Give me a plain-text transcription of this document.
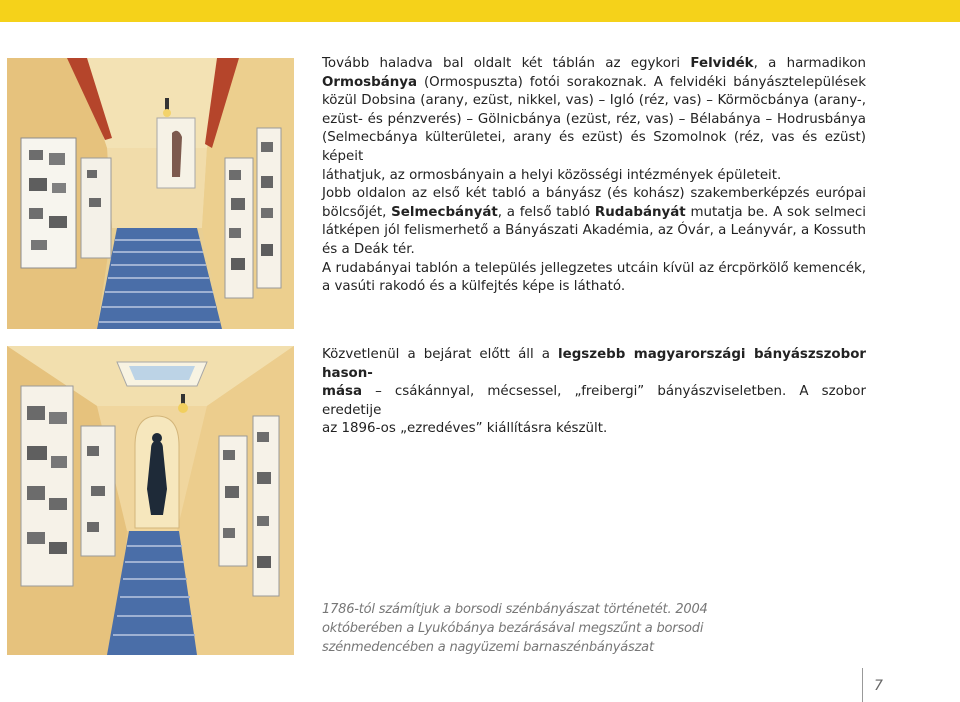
Tovább haladva bal oldalt két táblán az egykori Felvidék, a harmadikon
Ormosbánya (Ormospuszta) fotói sorakoznak. A felvidéki bányásztelepülések
közül Dobsina (arany, ezüst, nikkel, vas) – Igló (réz, vas) – Körmöcbánya (arany-,
ezüst- és pénzverés) – Gölnicbánya (ezüst, réz, vas) – Bélabánya – Hodrusbánya
(Selmecbánya külterületei, arany és ezüst) és Szomolnok (réz, vas és ezüst) képeit
láthatjuk, az ormosbányain a helyi közösségi intézmények épületeit.
Jobb oldalon az első két tabló a bányász (és kohász) szakemberképzés európai
bölcsőjét, Selmecbányát, a felső tabló Rudabányát mutatja be. A sok selmeci
látképen jól felismerhető a Bányászati Akadémia, az Óvár, a Leányvár, a Kossuth
és a Deák tér.
A rudabányai tablón a település jellegzetes utcáin kívül az ércpörkölő kemencék,
a vasúti rakodó és a külfejtés képe is látható.
Közvetlenül a bejárat előtt áll a legszebb magyarországi bányászszobor hason-
mása – csákánnyal, mécsessel, „freibergi” bányászviseletben. A szobor eredetije
az 1896-os „ezredéves” kiállításra készült.
1786-tól számítjuk a borsodi szénbányászat történetét. 2004
októberében a Lyukóbánya bezárásával megszűnt a borsodi
szénmedencében a nagyüzemi barnaszénbányászat
7
